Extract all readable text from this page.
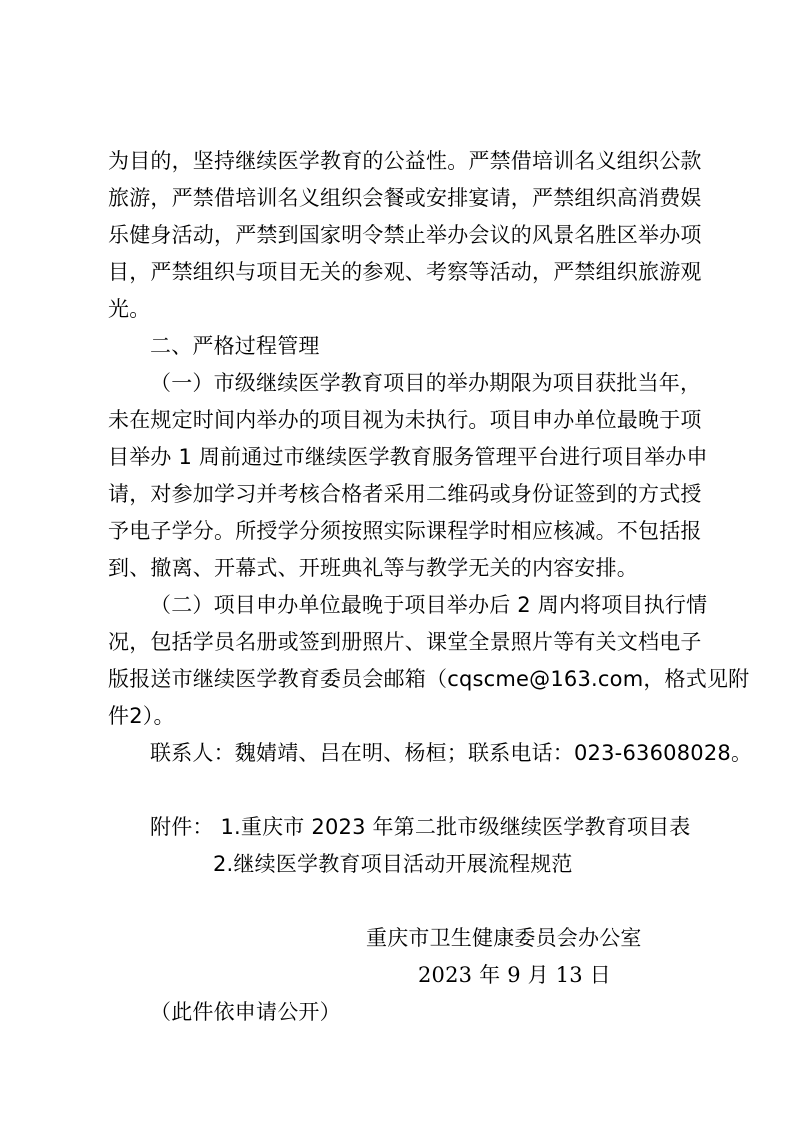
为目的，坚持继续医学教育的公益性。严禁借培训名义组织公款
旅游，严禁借培训名义组织会餐或安排宴请，严禁组织高消费娱
乐健身活动，严禁到国家明令禁止举办会议的风景名胜区举办项
目，严禁组织与项目无关的参观、考察等活动，严禁组织旅游观
光。
二、严格过程管理
（一）市级继续医学教育项目的举办期限为项目获批当年，
未在规定时间内举办的项目视为未执行。项目申办单位最晚于项
目举办 1 周前通过市继续医学教育服务管理平台进行项目举办申
请，对参加学习并考核合格者采用二维码或身份证签到的方式授
予电子学分。所授学分须按照实际课程学时相应核减。不包括报
到、撤离、开幕式、开班典礼等与教学无关的内容安排。
（二）项目申办单位最晚于项目举办后 2 周内将项目执行情
况，包括学员名册或签到册照片、课堂全景照片等有关文档电子
版报送市继续医学教育委员会邮箱（cqscme@163.com，格式见附
件2）。
联系人：魏婧靖、吕在明、杨桓；联系电话：023-63608028。
附件： 1.重庆市 2023 年第二批市级继续医学教育项目表
2.继续医学教育项目活动开展流程规范
重庆市卫生健康委员会办公室
2023 年 9 月 13 日
（此件依申请公开）
